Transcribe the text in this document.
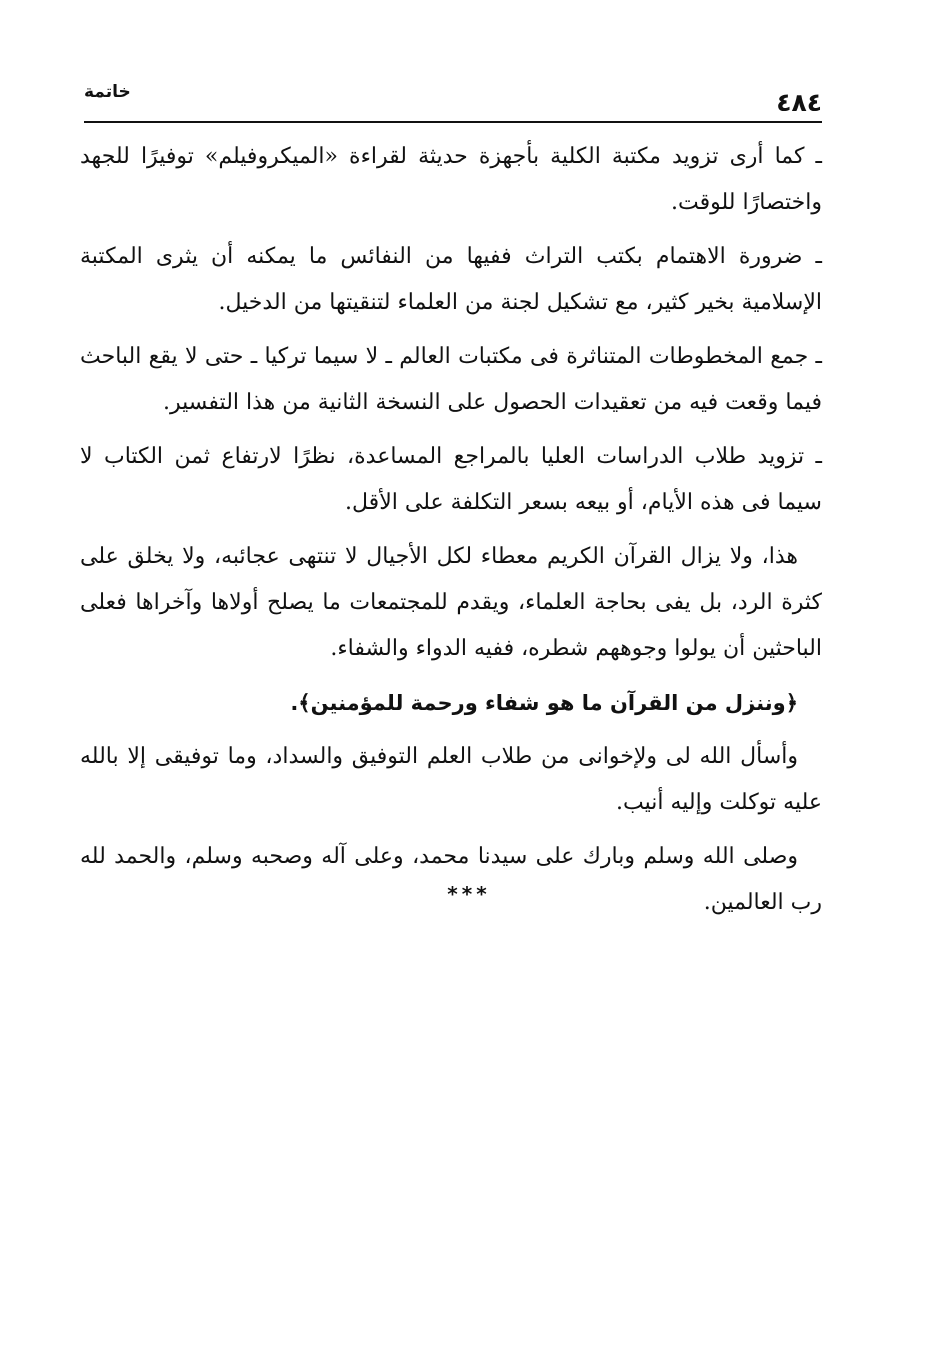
خاتمة	٤٨٤

ـ كما أرى تزويد مكتبة الكلية بأجهزة حديثة لقراءة «الميكروفيلم» توفيرًا للجهد واختصارًا للوقت.

ـ ضرورة الاهتمام بكتب التراث ففيها من النفائس ما يمكنه أن يثرى المكتبة الإسلامية بخير كثير، مع تشكيل لجنة من العلماء لتنقيتها من الدخيل.

ـ جمع المخطوطات المتناثرة فى مكتبات العالم ـ لا سيما تركيا ـ حتى لا يقع الباحث فيما وقعت فيه من تعقيدات الحصول على النسخة الثانية من هذا التفسير.

ـ تزويد طلاب الدراسات العليا بالمراجع المساعدة، نظرًا لارتفاع ثمن الكتاب لا سيما فى هذه الأيام، أو بيعه بسعر التكلفة على الأقل.

هذا، ولا يزال القرآن الكريم معطاء لكل الأجيال لا تنتهى عجائبه، ولا يخلق على كثرة الرد، بل يفى بحاجة العلماء، ويقدم للمجتمعات ما يصلح أولاها وآخراها فعلى الباحثين أن يولوا وجوههم شطره، ففيه الدواء والشفاء.

﴿وننزل من القرآن ما هو شفاء ورحمة للمؤمنين﴾.

وأسأل الله لى ولإخوانى من طلاب العلم التوفيق والسداد، وما توفيقى إلا بالله عليه توكلت وإليه أنيب.

وصلى الله وسلم وبارك على سيدنا محمد، وعلى آله وصحبه وسلم، والحمد لله رب العالمين.

***
